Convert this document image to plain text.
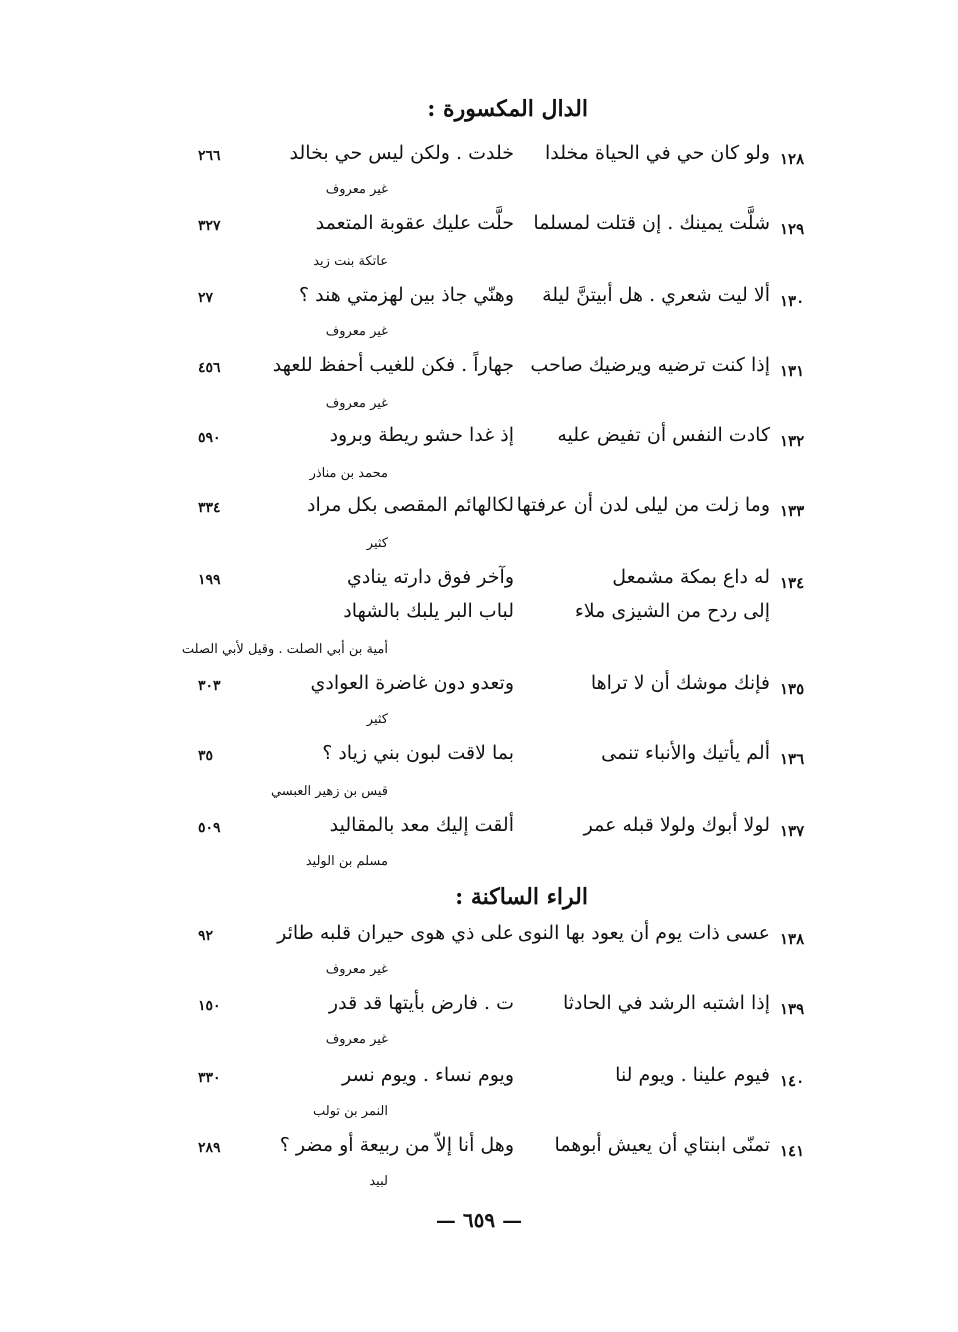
الدال المكسورة :
١٢٨
ولو كان حي في الحياة مخلدا
خلدت . ولكن ليس حي بخالد
٢٦٦
غير معروف
١٢٩
شلَّت يمينك . إن قتلت لمسلما
حلَّت عليك عقوبة المتعمد
٣٢٧
عاتكة بنت زيد
١٣٠
ألا ليت شعري . هل أبيتنَّ ليلة
وهنّي جاذ بين لهزمتي هند ؟
٢٧
غير معروف
١٣١
إذا كنت ترضيه ويرضيك صاحب
جهاراً . فكن للغيب أحفظ للعهد
٤٥٦
غير معروف
١٣٢
كادت النفس أن تفيض عليه
إذ غدا حشو ريطة وبرود
٥٩٠
محمد بن مناذر
١٣٣
وما زلت من ليلى لدن أن عرفتها
لكالهائم المقصى بكل مراد
٣٣٤
كثير
١٣٤
له داع بمكة مشمعل
وآخر فوق دارته ينادي
١٩٩
إلى ردح من الشيزى ملاء
لباب البر يلبك بالشهاد
أمية بن أبي الصلت . وقيل لأبي الصلت
١٣٥
فإنك موشك أن لا تراها
وتعدو دون غاضرة العوادي
٣٠٣
كثير
١٣٦
ألم يأتيك والأنباء تنمى
بما لاقت لبون بني زياد ؟
٣٥
قيس بن زهير العبسي
١٣٧
لولا أبوك ولولا قبله عمر
ألقت إليك معد بالمقاليد
٥٠٩
مسلم بن الوليد
الراء الساكنة :
١٣٨
عسى ذات يوم أن يعود بها النوى
على ذي هوى حيران قلبه طائر
٩٢
غير معروف
١٣٩
إذا اشتبه الرشد في الحادثا
ت . فارض بأيتها قد قدر
١٥٠
غير معروف
١٤٠
فيوم علينا . ويوم لنا
ويوم نساء . ويوم نسر
٣٣٠
النمر بن تولب
١٤١
تمنّى ابنتاي أن يعيش أبوهما
وهل أنا إلاّ من ربيعة أو مضر ؟
٢٨٩
لبيد
— ٦٥٩ —
